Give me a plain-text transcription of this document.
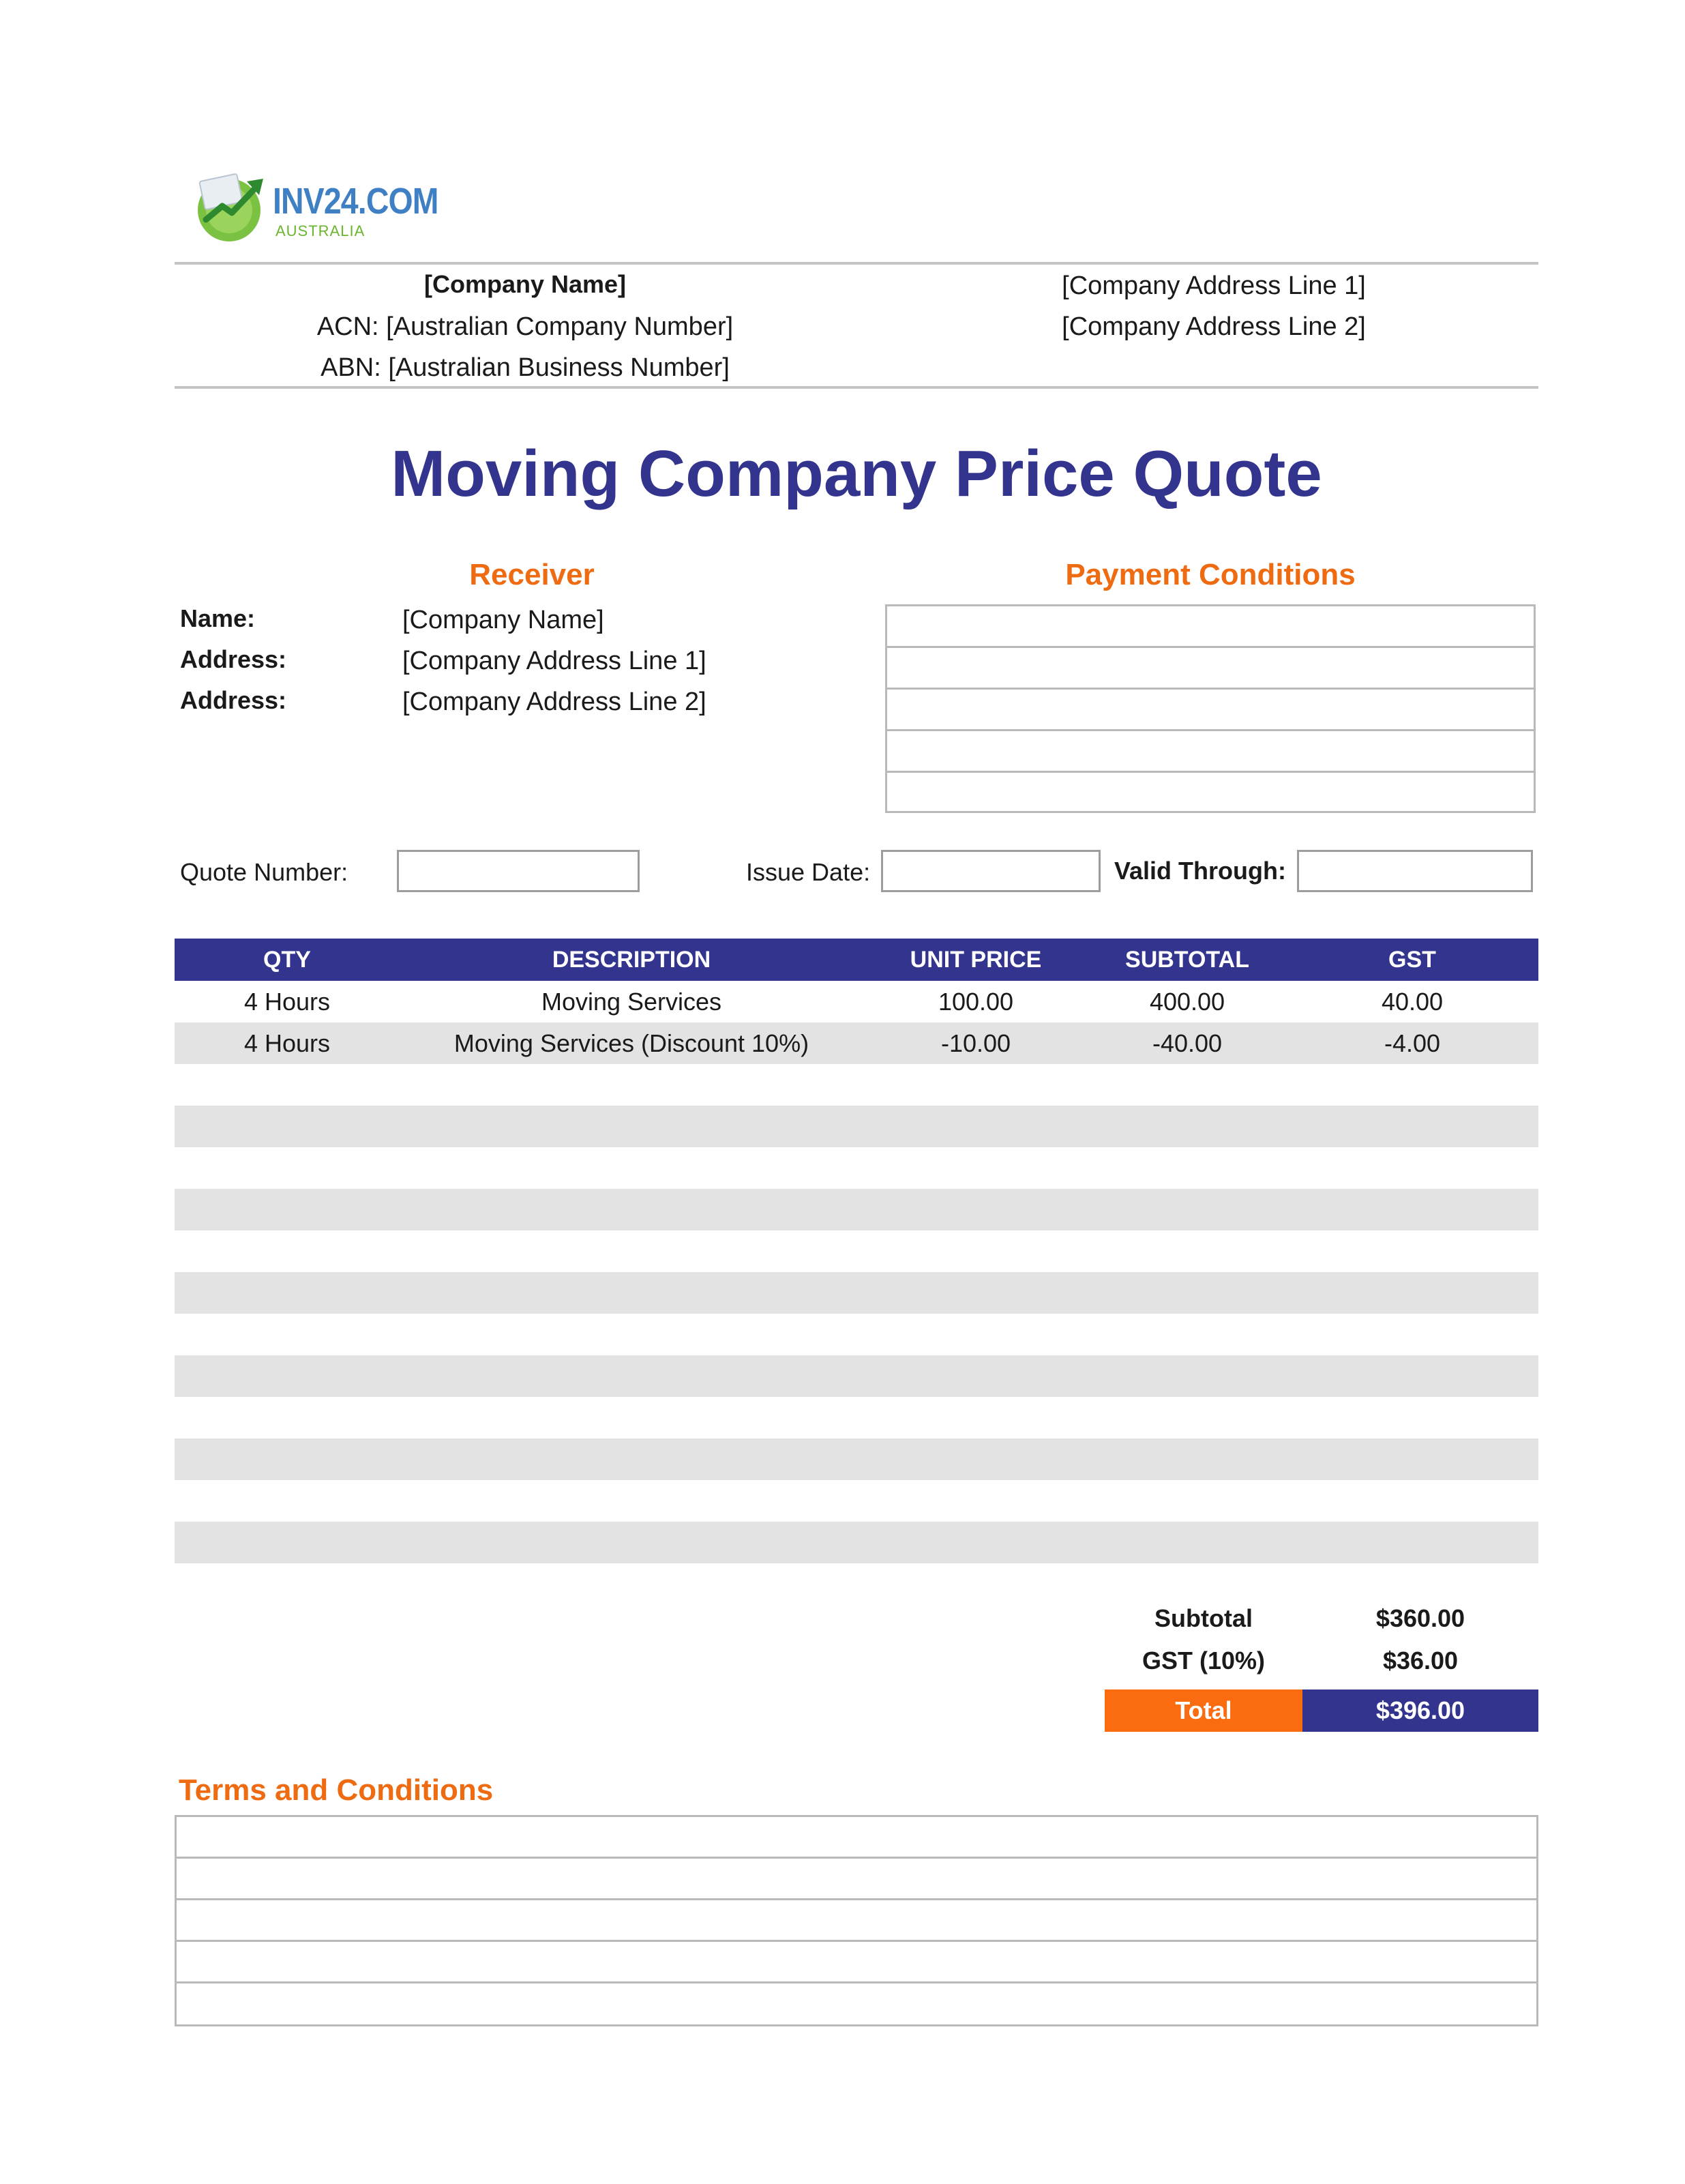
INV24.COM
AUSTRALIA
[Company Name]
ACN: [Australian Company Number]
ABN: [Australian Business Number]
[Company Address Line 1]
[Company Address Line 2]
Moving Company Price Quote
Receiver
Name:	[Company Name]
Address:	[Company Address Line 1]
Address:	[Company Address Line 2]
Payment Conditions
Quote Number:	Issue Date:	Valid Through:
QTY	DESCRIPTION	UNIT PRICE	SUBTOTAL	GST
4 Hours	Moving Services	100.00	400.00	40.00
4 Hours	Moving Services (Discount 10%)	-10.00	-40.00	-4.00
Subtotal	$360.00
GST (10%)	$36.00
Total	$396.00
Terms and Conditions
